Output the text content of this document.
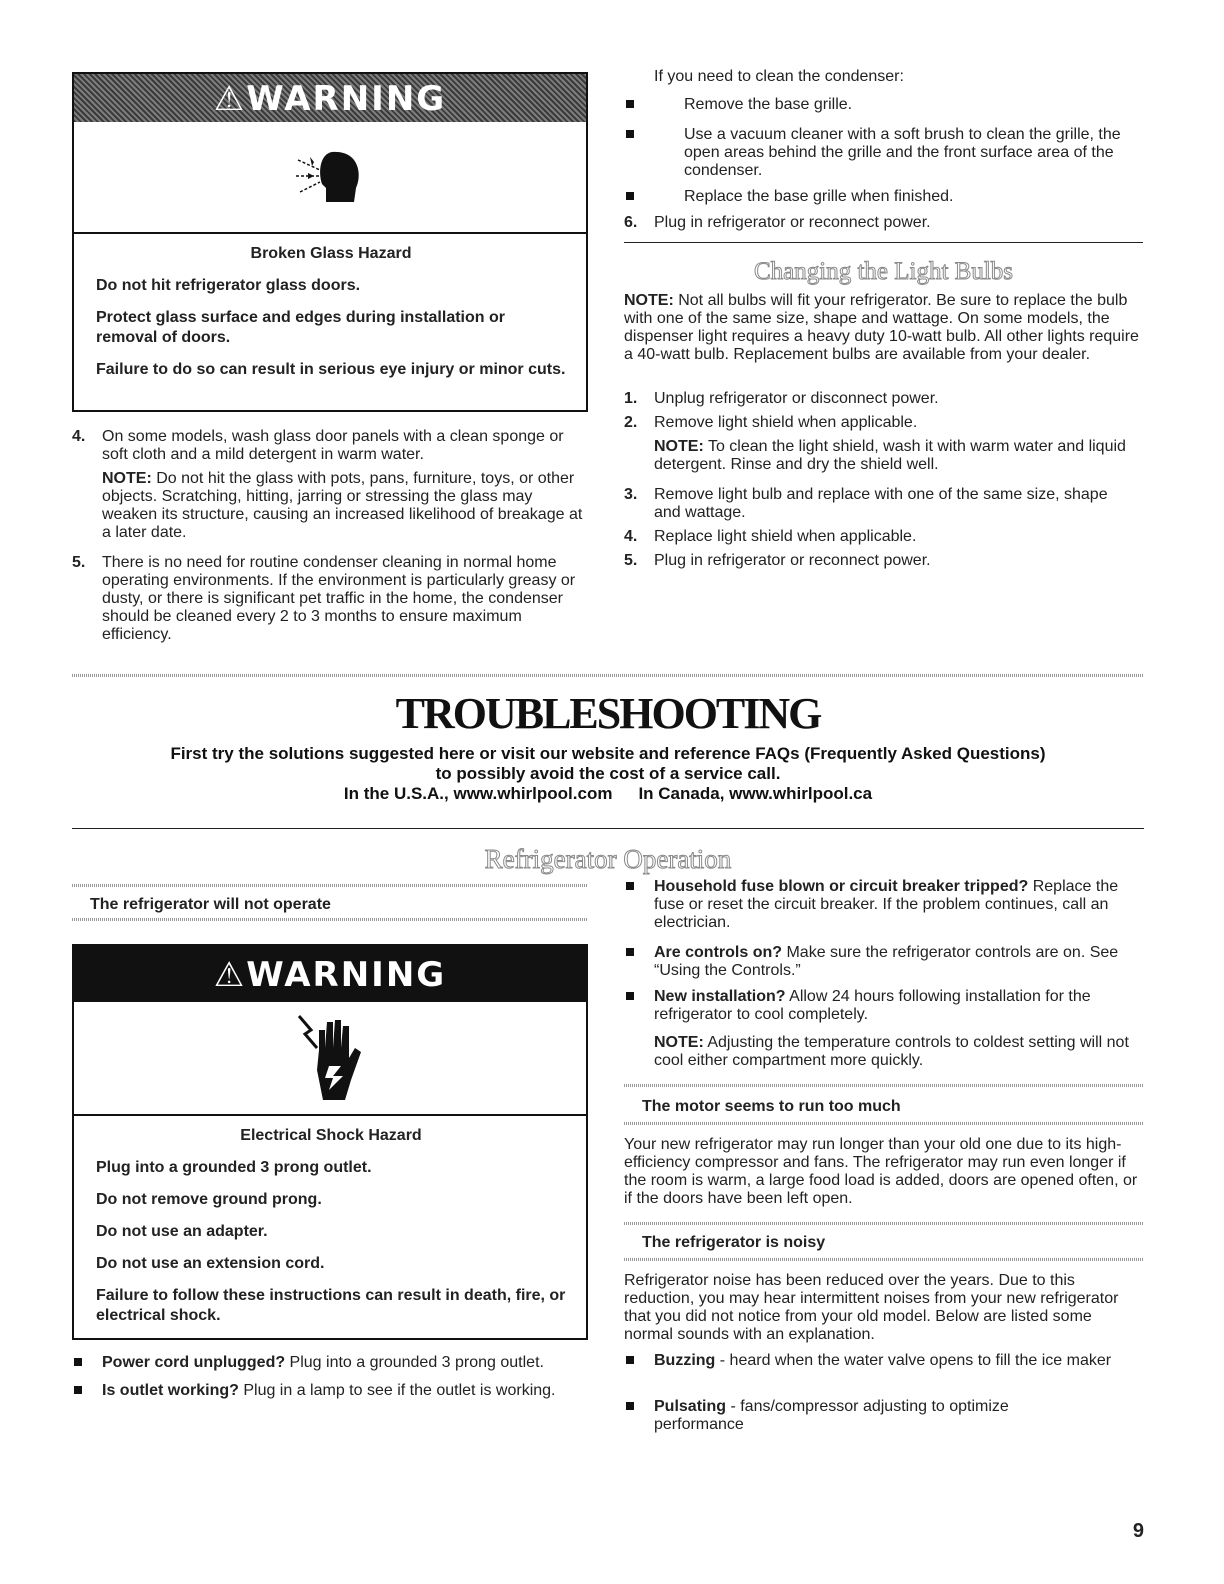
⚠WARNING

Broken Glass Hazard

Do not hit refrigerator glass doors.

Protect glass surface and edges during installation or removal of doors.

Failure to do so can result in serious eye injury or minor cuts.

4. On some models, wash glass door panels with a clean sponge or soft cloth and a mild detergent in warm water.

NOTE: Do not hit the glass with pots, pans, furniture, toys, or other objects. Scratching, hitting, jarring or stressing the glass may weaken its structure, causing an increased likelihood of breakage at a later date.

5. There is no need for routine condenser cleaning in normal home operating environments. If the environment is particularly greasy or dusty, or there is significant pet traffic in the home, the condenser should be cleaned every 2 to 3 months to ensure maximum efficiency.

If you need to clean the condenser:
Remove the base grille.
Use a vacuum cleaner with a soft brush to clean the grille, the open areas behind the grille and the front surface area of the condenser.
Replace the base grille when finished.
6. Plug in refrigerator or reconnect power.
Changing the Light Bulbs
NOTE: Not all bulbs will fit your refrigerator. Be sure to replace the bulb with one of the same size, shape and wattage. On some models, the dispenser light requires a heavy duty 10-watt bulb. All other lights require a 40-watt bulb. Replacement bulbs are available from your dealer.
1. Unplug refrigerator or disconnect power.
2. Remove light shield when applicable.
NOTE: To clean the light shield, wash it with warm water and liquid detergent. Rinse and dry the shield well.
3. Remove light bulb and replace with one of the same size, shape and wattage.
4. Replace light shield when applicable.
5. Plug in refrigerator or reconnect power.
TROUBLESHOOTING
First try the solutions suggested here or visit our website and reference FAQs (Frequently Asked Questions)
to possibly avoid the cost of a service call.
In the U.S.A., www.whirlpool.com In Canada, www.whirlpool.ca
Refrigerator Operation
The refrigerator will not operate
⚠WARNING

Electrical Shock Hazard

Plug into a grounded 3 prong outlet.

Do not remove ground prong.

Do not use an adapter.

Do not use an extension cord.

Failure to follow these instructions can result in death, fire, or electrical shock.

Power cord unplugged? Plug into a grounded 3 prong outlet.
Is outlet working? Plug in a lamp to see if the outlet is working.
Household fuse blown or circuit breaker tripped? Replace the fuse or reset the circuit breaker. If the problem continues, call an electrician.
Are controls on? Make sure the refrigerator controls are on. See “Using the Controls.”
New installation? Allow 24 hours following installation for the refrigerator to cool completely.
NOTE: Adjusting the temperature controls to coldest setting will not cool either compartment more quickly.
The motor seems to run too much
Your new refrigerator may run longer than your old one due to its high-efficiency compressor and fans. The refrigerator may run even longer if the room is warm, a large food load is added, doors are opened often, or if the doors have been left open.
The refrigerator is noisy
Refrigerator noise has been reduced over the years. Due to this reduction, you may hear intermittent noises from your new refrigerator that you did not notice from your old model. Below are listed some normal sounds with an explanation.
Buzzing - heard when the water valve opens to fill the ice maker
Pulsating - fans/compressor adjusting to optimize performance
9
